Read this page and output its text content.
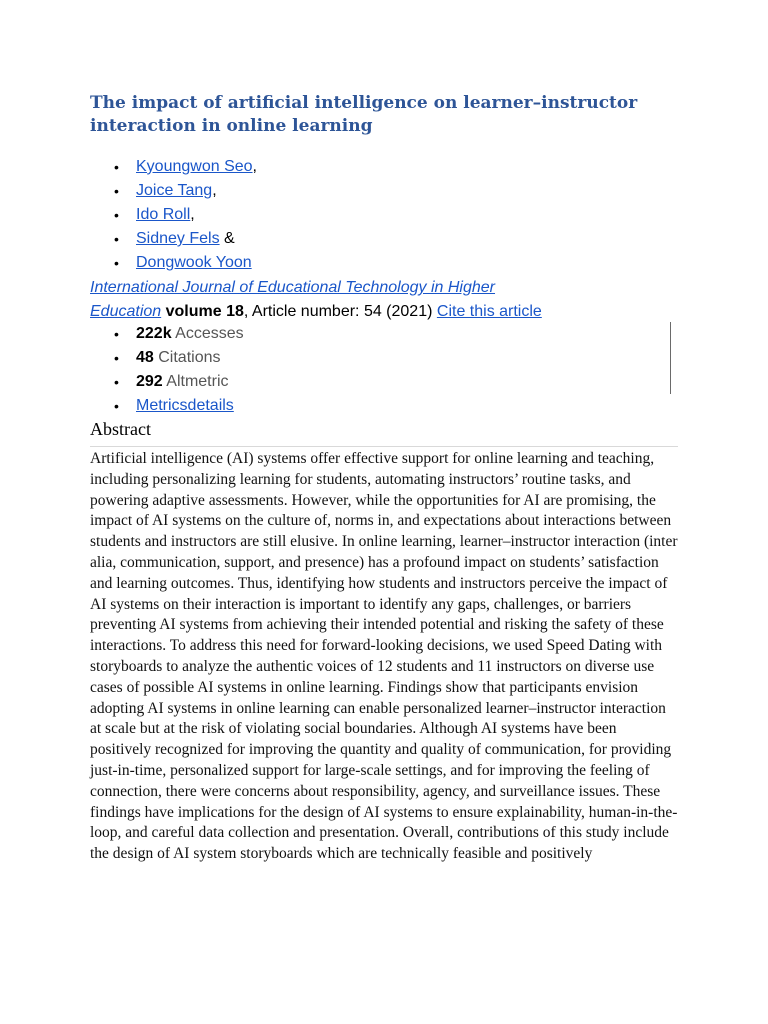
The impact of artificial intelligence on learner–instructor interaction in online learning
• Kyoungwon Seo,
• Joice Tang,
• Ido Roll,
• Sidney Fels &
• Dongwook Yoon
International Journal of Educational Technology in Higher
Education volume 18, Article number: 54 (2021) Cite this article
• 222k Accesses
• 48 Citations
• 292 Altmetric
• Metricsdetails
Abstract
Artificial intelligence (AI) systems offer effective support for online learning and teaching, including personalizing learning for students, automating instructors’ routine tasks, and powering adaptive assessments. However, while the opportunities for AI are promising, the impact of AI systems on the culture of, norms in, and expectations about interactions between students and instructors are still elusive. In online learning, learner–instructor interaction (inter alia, communication, support, and presence) has a profound impact on students’ satisfaction and learning outcomes. Thus, identifying how students and instructors perceive the impact of AI systems on their interaction is important to identify any gaps, challenges, or barriers preventing AI systems from achieving their intended potential and risking the safety of these interactions. To address this need for forward-looking decisions, we used Speed Dating with storyboards to analyze the authentic voices of 12 students and 11 instructors on diverse use cases of possible AI systems in online learning. Findings show that participants envision adopting AI systems in online learning can enable personalized learner–instructor interaction at scale but at the risk of violating social boundaries. Although AI systems have been positively recognized for improving the quantity and quality of communication, for providing just-in-time, personalized support for large-scale settings, and for improving the feeling of connection, there were concerns about responsibility, agency, and surveillance issues. These findings have implications for the design of AI systems to ensure explainability, human-in-the-loop, and careful data collection and presentation. Overall, contributions of this study include the design of AI system storyboards which are technically feasible and positively
